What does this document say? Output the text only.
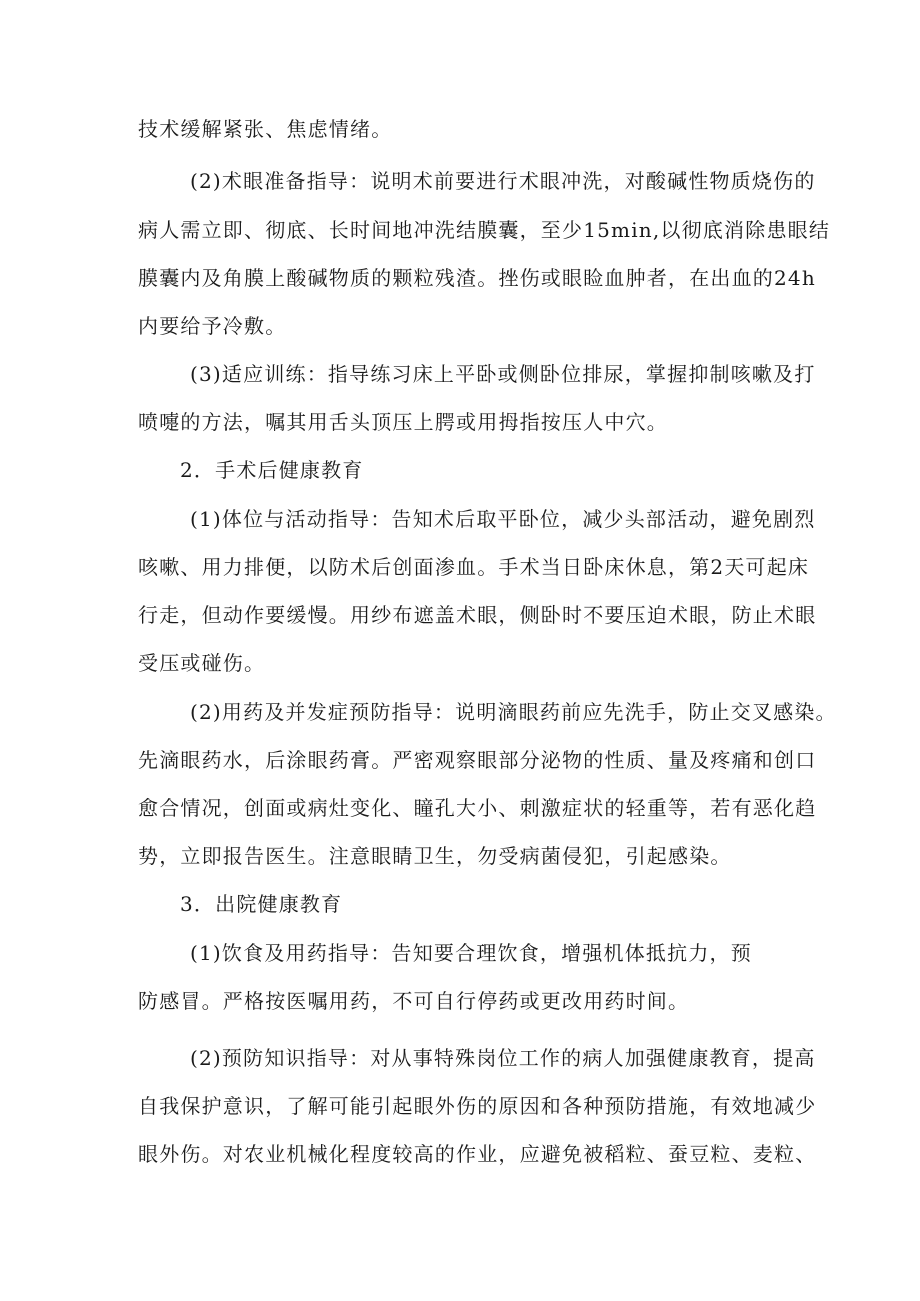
技术缓解紧张、焦虑情绪。
(2)术眼准备指导：说明术前要进行术眼冲洗，对酸碱性物质烧伤的
病人需立即、彻底、长时间地冲洗结膜囊，至少15min,以彻底消除患眼结
膜囊内及角膜上酸碱物质的颗粒残渣。挫伤或眼睑血肿者，在出血的24h
内要给予冷敷。
(3)适应训练：指导练习床上平卧或侧卧位排尿，掌握抑制咳嗽及打
喷嚏的方法，嘱其用舌头顶压上腭或用拇指按压人中穴。
2．手术后健康教育
(1)体位与活动指导：告知术后取平卧位，减少头部活动，避免剧烈
咳嗽、用力排便，以防术后创面渗血。手术当日卧床休息，第2天可起床
行走，但动作要缓慢。用纱布遮盖术眼，侧卧时不要压迫术眼，防止术眼
受压或碰伤。
(2)用药及并发症预防指导：说明滴眼药前应先洗手，防止交叉感染。
先滴眼药水，后涂眼药膏。严密观察眼部分泌物的性质、量及疼痛和创口
愈合情况，创面或病灶变化、瞳孔大小、刺激症状的轻重等，若有恶化趋
势，立即报告医生。注意眼睛卫生，勿受病菌侵犯，引起感染。
3．出院健康教育
(1)饮食及用药指导：告知要合理饮食，增强机体抵抗力，预
防感冒。严格按医嘱用药，不可自行停药或更改用药时间。
(2)预防知识指导：对从事特殊岗位工作的病人加强健康教育，提高
自我保护意识，了解可能引起眼外伤的原因和各种预防措施，有效地减少
眼外伤。对农业机械化程度较高的作业，应避免被稻粒、蚕豆粒、麦粒、
